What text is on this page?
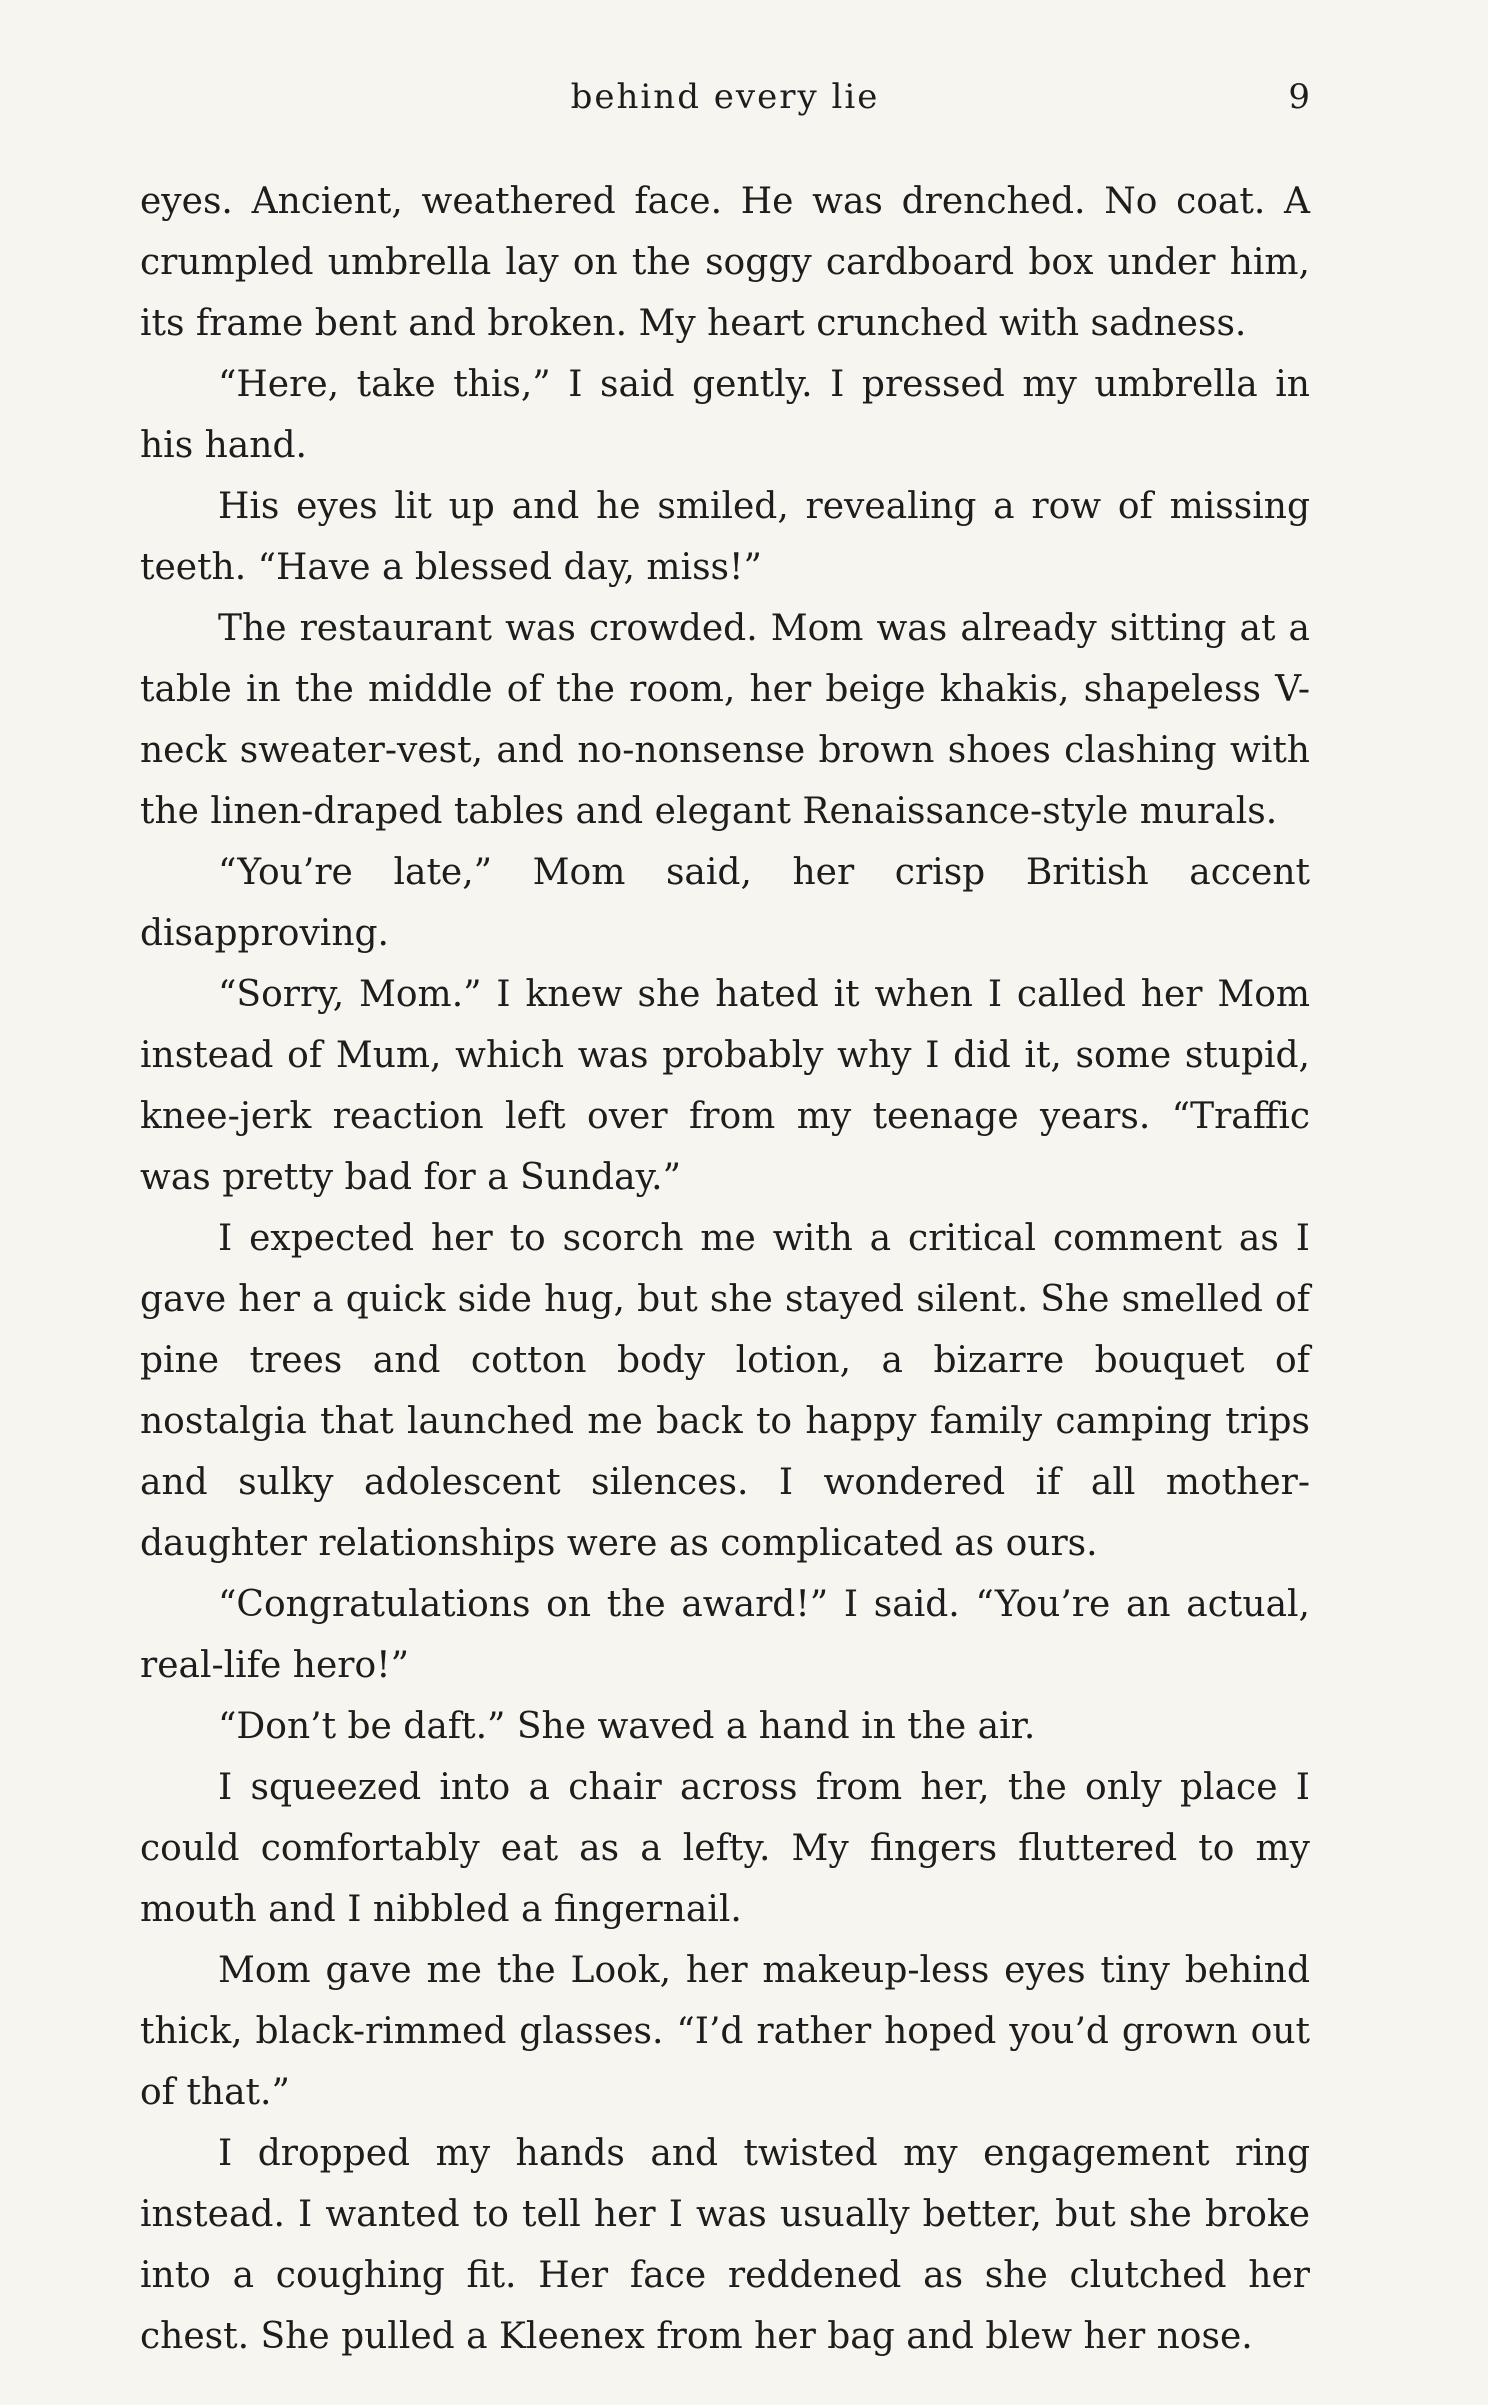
behind every lie	9

eyes. Ancient, weathered face. He was drenched. No coat. A crumpled umbrella lay on the soggy cardboard box under him, its frame bent and broken. My heart crunched with sadness.

“Here, take this,” I said gently. I pressed my umbrella in his hand.

His eyes lit up and he smiled, revealing a row of missing teeth. “Have a blessed day, miss!”

The restaurant was crowded. Mom was already sitting at a table in the middle of the room, her beige khakis, shapeless V-neck sweater-vest, and no-nonsense brown shoes clashing with the linen-draped tables and elegant Renaissance-style murals.

“You’re late,” Mom said, her crisp British accent disapproving.

“Sorry, Mom.” I knew she hated it when I called her Mom instead of Mum, which was probably why I did it, some stupid, knee-jerk reaction left over from my teenage years. “Traffic was pretty bad for a Sunday.”

I expected her to scorch me with a critical comment as I gave her a quick side hug, but she stayed silent. She smelled of pine trees and cotton body lotion, a bizarre bouquet of nostalgia that launched me back to happy family camping trips and sulky adolescent silences. I wondered if all mother-daughter relationships were as complicated as ours.

“Congratulations on the award!” I said. “You’re an actual, real-life hero!”

“Don’t be daft.” She waved a hand in the air.

I squeezed into a chair across from her, the only place I could comfortably eat as a lefty. My fingers fluttered to my mouth and I nibbled a fingernail.

Mom gave me the Look, her makeup-less eyes tiny behind thick, black-rimmed glasses. “I’d rather hoped you’d grown out of that.”

I dropped my hands and twisted my engagement ring instead. I wanted to tell her I was usually better, but she broke into a coughing fit. Her face reddened as she clutched her chest. She pulled a Kleenex from her bag and blew her nose.
